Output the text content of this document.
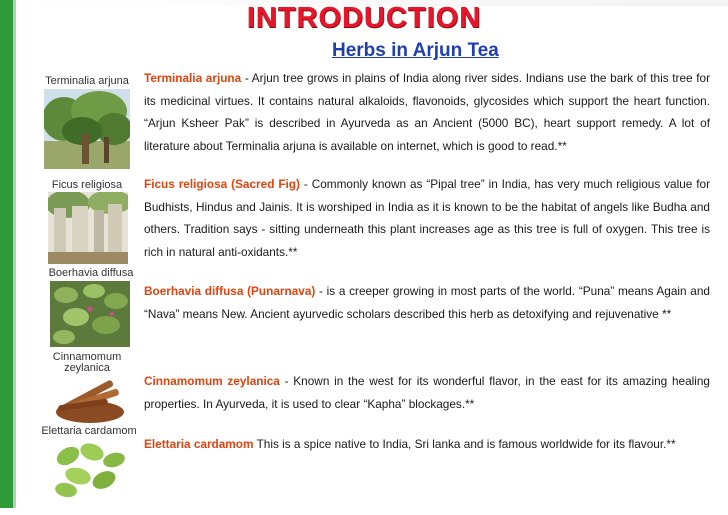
INTRODUCTION
Herbs in Arjun Tea
Terminalia arjuna
Ficus religiosa
Boerhavia diffusa
Cinnamomum zeylanica
Elettaria cardamom
Terminalia arjuna - Arjun tree grows in plains of India along river sides. Indians use the bark of this tree for its medicinal virtues. It contains natural alkaloids, flavonoids, glycosides which support the heart function. “Arjun Ksheer Pak” is described in Ayurveda as an Ancient (5000 BC), heart support remedy. A lot of literature about Terminalia arjuna is available on internet, which is good to read.**
Ficus religiosa (Sacred Fig) - Commonly known as “Pipal tree” in India, has very much religious value for Budhists, Hindus and Jainis. It is worshiped in India as it is known to be the habitat of angels like Budha and others. Tradition says - sitting underneath this plant increases age as this tree is full of oxygen. This tree is rich in natural anti-oxidants.**
Boerhavia diffusa (Punarnava) - is a creeper growing in most parts of the world. “Puna” means Again and “Nava” means New. Ancient ayurvedic scholars described this herb as detoxifying and rejuvenative **
Cinnamomum zeylanica - Known in the west for its wonderful flavor, in the east for its amazing healing properties. In Ayurveda, it is used to clear “Kapha” blockages.**
Elettaria cardamom This is a spice native to India, Sri lanka and is famous worldwide for its flavour.**
